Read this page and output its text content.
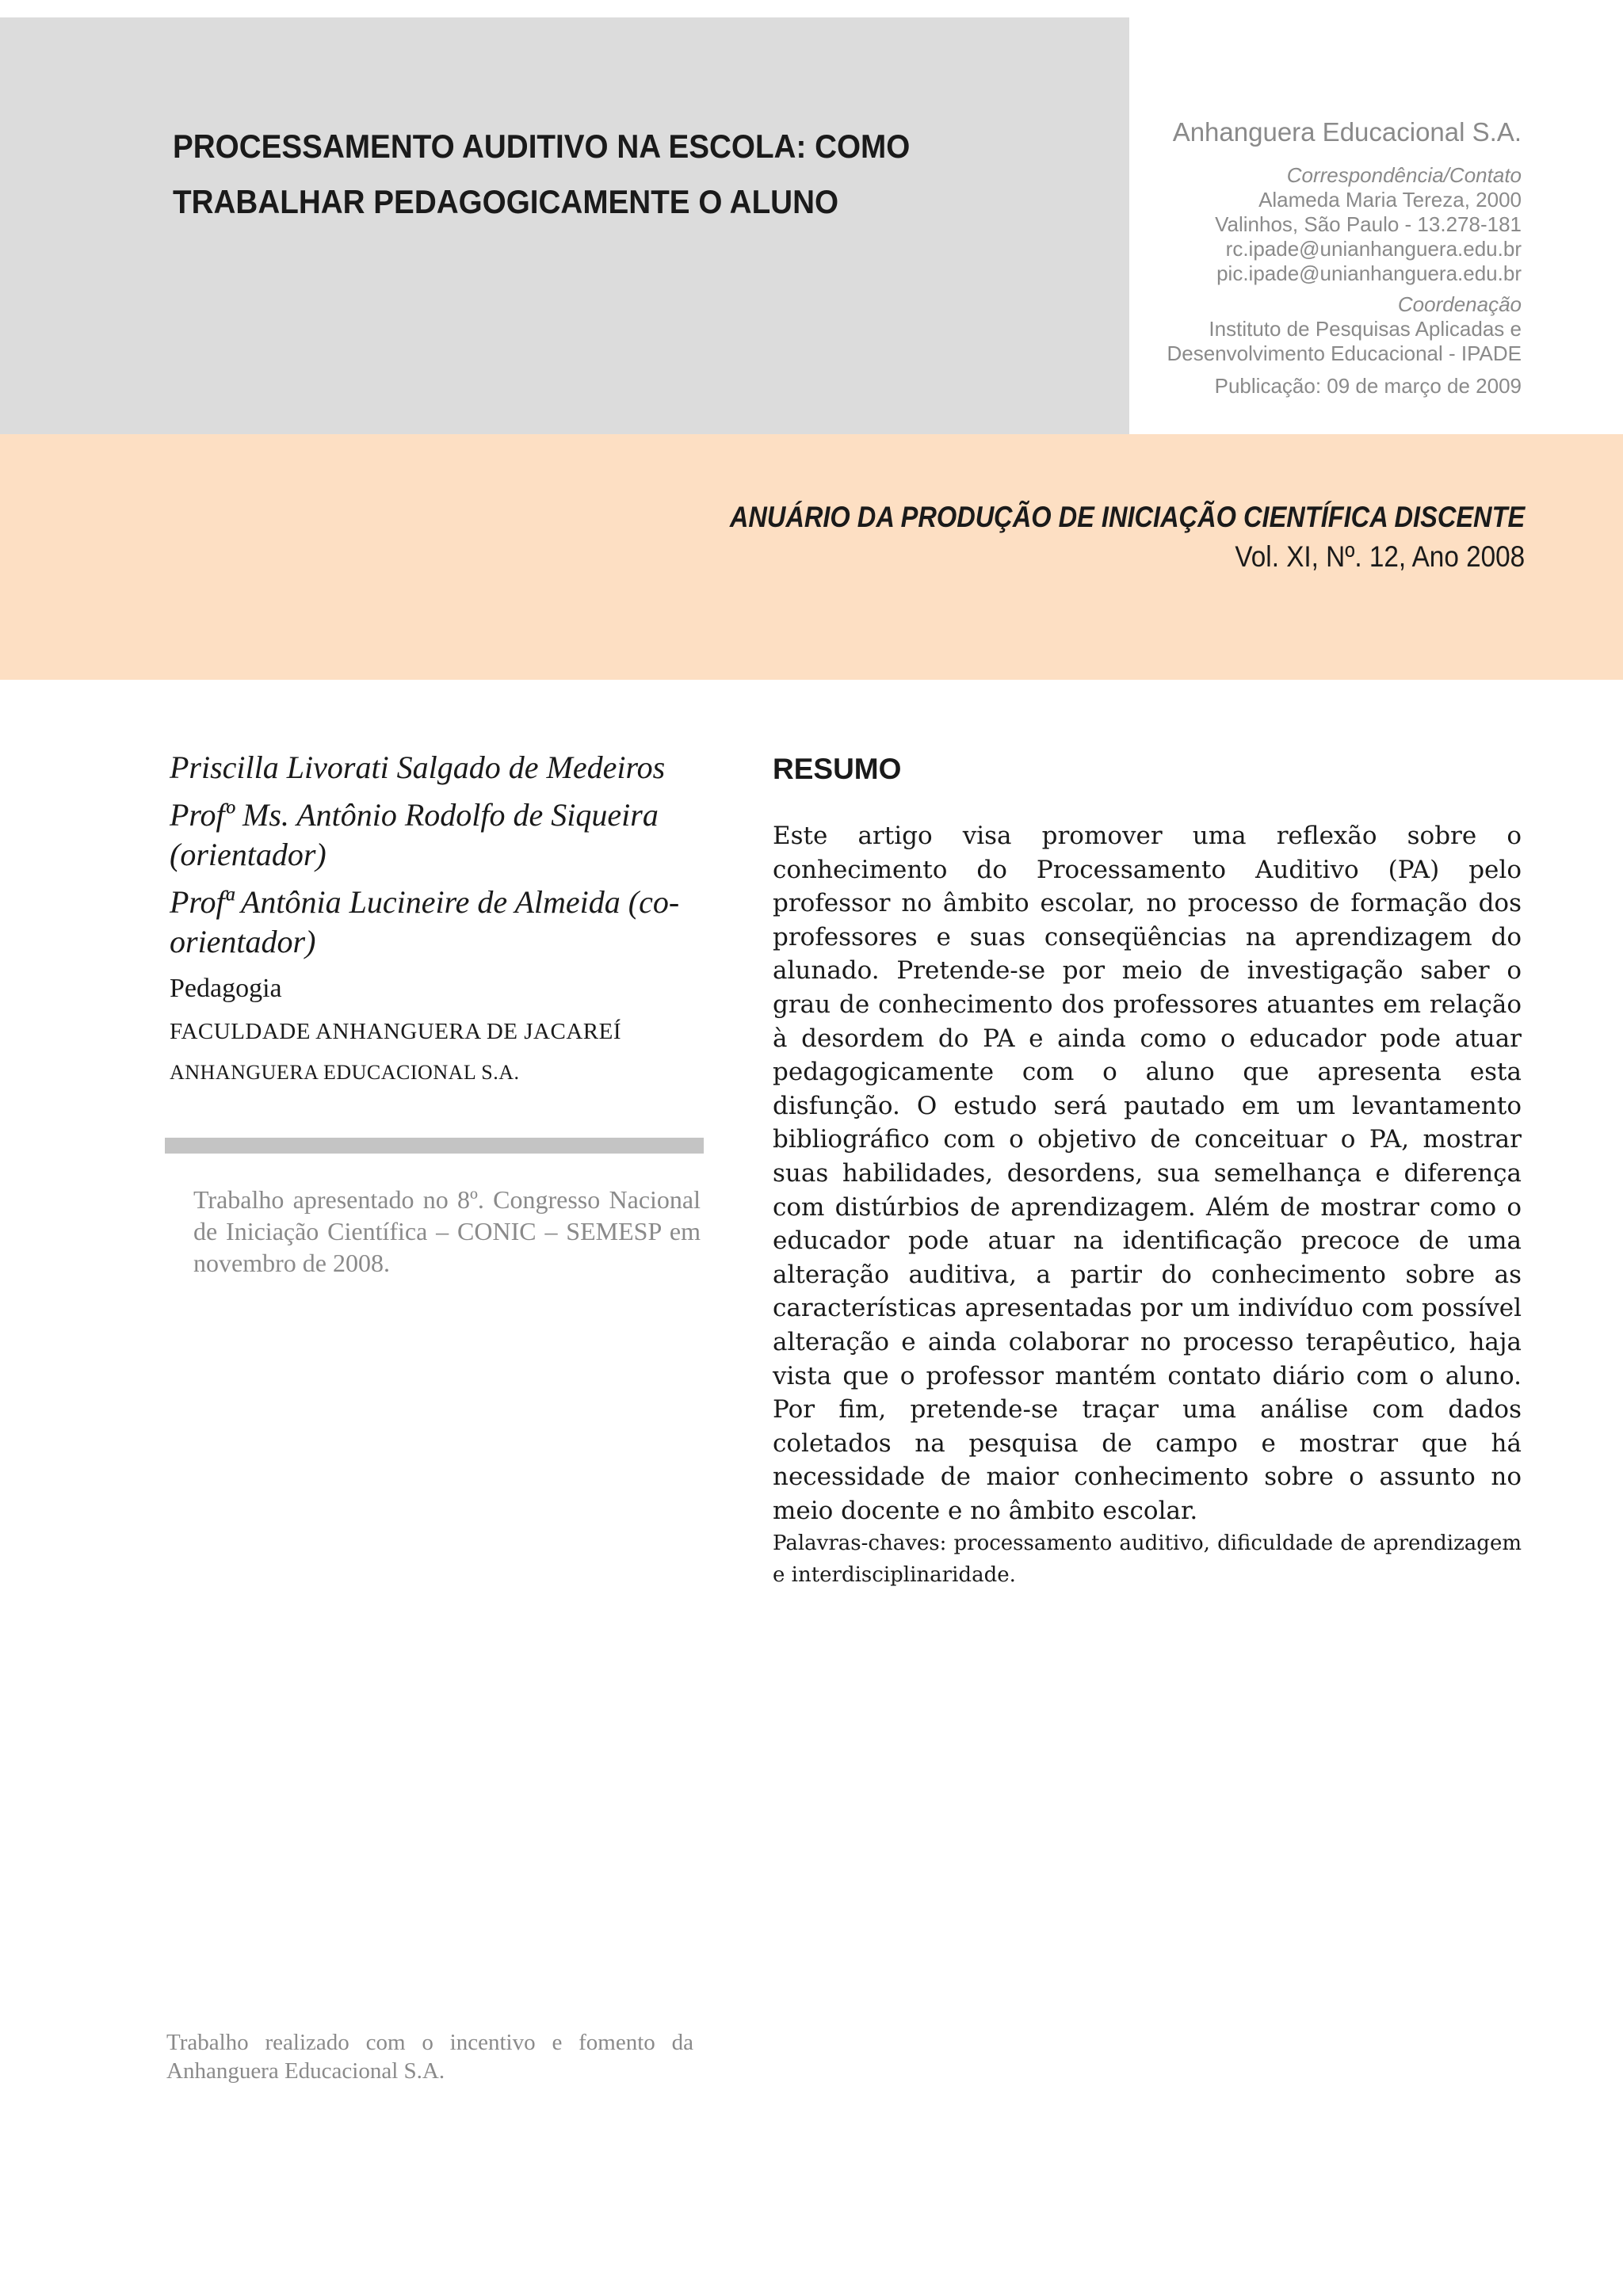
PROCESSAMENTO AUDITIVO NA ESCOLA: COMO
TRABALHAR PEDAGOGICAMENTE O ALUNO
Anhanguera Educacional S.A.
Correspondência/Contato
Alameda Maria Tereza, 2000
Valinhos, São Paulo - 13.278-181
rc.ipade@unianhanguera.edu.br
pic.ipade@unianhanguera.edu.br
Coordenação
Instituto de Pesquisas Aplicadas e
Desenvolvimento Educacional - IPADE
Publicação: 09 de março de 2009
ANUÁRIO DA PRODUÇÃO DE INICIAÇÃO CIENTÍFICA DISCENTE
Vol. XI, Nº. 12, Ano 2008
Priscilla Livorati Salgado de Medeiros
Profº Ms. Antônio Rodolfo de Siqueira (orientador)
Profª Antônia Lucineire de Almeida (co-orientador)
Pedagogia
FACULDADE ANHANGUERA DE JACAREÍ
ANHANGUERA EDUCACIONAL S.A.
Trabalho apresentado no 8º. Congresso Nacional de Iniciação Científica – CONIC – SEMESP em novembro de 2008.
RESUMO

Este artigo visa promover uma reflexão sobre o conhecimento do Processamento Auditivo (PA) pelo professor no âmbito escolar, no processo de formação dos professores e suas conseqüências na aprendizagem do alunado. Pretende-se por meio de investigação saber o grau de conhecimento dos professores atuantes em relação à desordem do PA e ainda como o educador pode atuar pedagogicamente com o aluno que apresenta esta disfunção. O estudo será pautado em um levantamento bibliográfico com o objetivo de conceituar o PA, mostrar suas habilidades, desordens, sua semelhança e diferença com distúrbios de aprendizagem. Além de mostrar como o educador pode atuar na identificação precoce de uma alteração auditiva, a partir do conhecimento sobre as características apresentadas por um indivíduo com possível alteração e ainda colaborar no processo terapêutico, haja vista que o professor mantém contato diário com o aluno. Por fim, pretende-se traçar uma análise com dados coletados na pesquisa de campo e mostrar que há necessidade de maior conhecimento sobre o assunto no meio docente e no âmbito escolar.

Palavras-chaves: processamento auditivo, dificuldade de aprendizagem e interdisciplinaridade.
Trabalho realizado com o incentivo e fomento da Anhanguera Educacional S.A.
